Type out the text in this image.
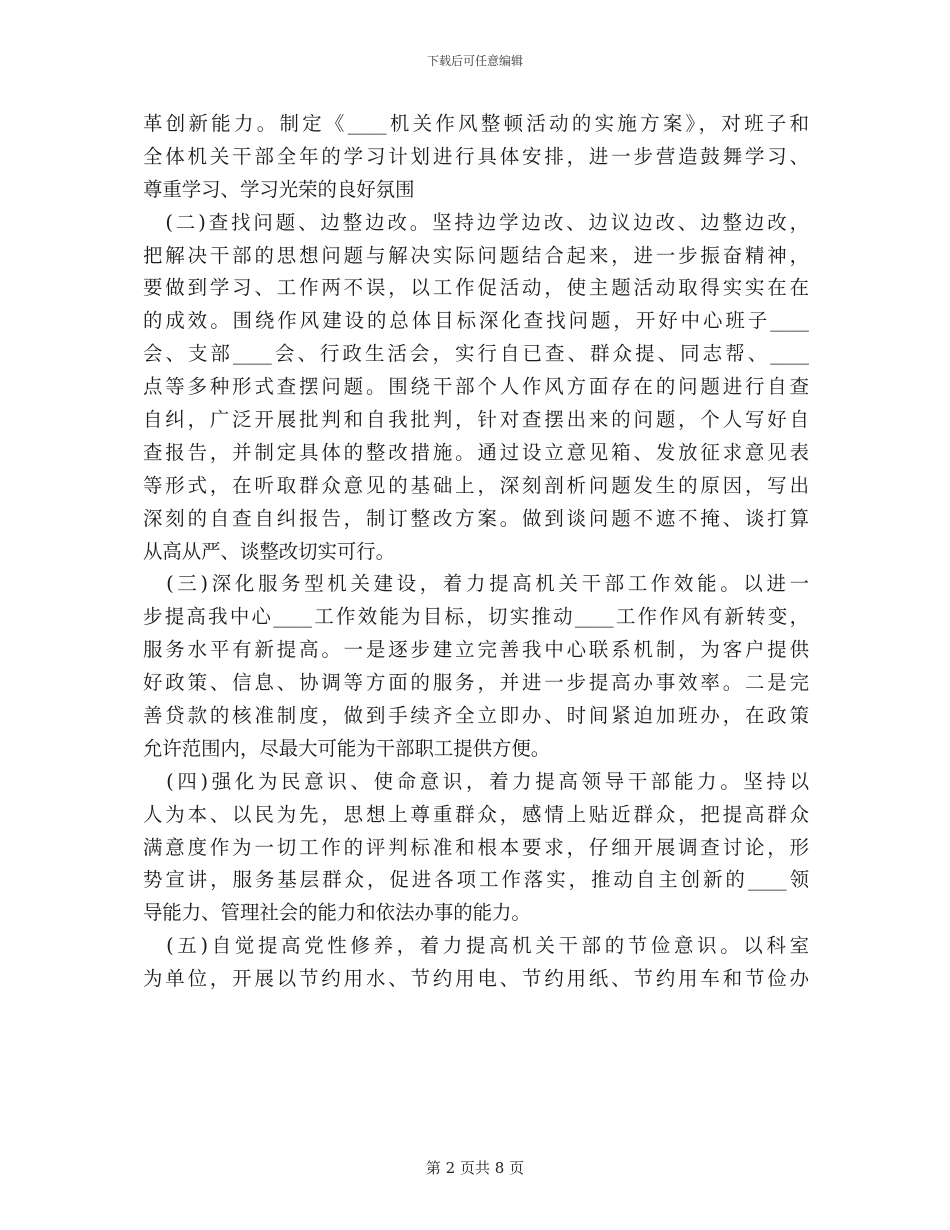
下载后可任意编辑
革创新能力。制定《____机关作风整顿活动的实施方案》，对班子和
全体机关干部全年的学习计划进行具体安排，进一步营造鼓舞学习、
尊重学习、学习光荣的良好氛围
　(二)查找问题、边整边改。坚持边学边改、边议边改、边整边改，
把解决干部的思想问题与解决实际问题结合起来，进一步振奋精神，
要做到学习、工作两不误，以工作促活动，使主题活动取得实实在在
的成效。围绕作风建设的总体目标深化查找问题，开好中心班子____
会、支部____会、行政生活会，实行自已查、群众提、同志帮、____
点等多种形式查摆问题。围绕干部个人作风方面存在的问题进行自查
自纠，广泛开展批判和自我批判，针对查摆出来的问题，个人写好自
查报告，并制定具体的整改措施。通过设立意见箱、发放征求意见表
等形式，在听取群众意见的基础上，深刻剖析问题发生的原因，写出
深刻的自查自纠报告，制订整改方案。做到谈问题不遮不掩、谈打算
从高从严、谈整改切实可行。
　(三)深化服务型机关建设，着力提高机关干部工作效能。以进一
步提高我中心____工作效能为目标，切实推动____工作作风有新转变，
服务水平有新提高。一是逐步建立完善我中心联系机制，为客户提供
好政策、信息、协调等方面的服务，并进一步提高办事效率。二是完
善贷款的核准制度，做到手续齐全立即办、时间紧迫加班办，在政策
允许范围内，尽最大可能为干部职工提供方便。
　(四)强化为民意识、使命意识，着力提高领导干部能力。坚持以
人为本、以民为先，思想上尊重群众，感情上贴近群众，把提高群众
满意度作为一切工作的评判标准和根本要求，仔细开展调查讨论，形
势宣讲，服务基层群众，促进各项工作落实，推动自主创新的____领
导能力、管理社会的能力和依法办事的能力。
　(五)自觉提高党性修养，着力提高机关干部的节俭意识。以科室
为单位，开展以节约用水、节约用电、节约用纸、节约用车和节俭办
第 2 页共 8 页
